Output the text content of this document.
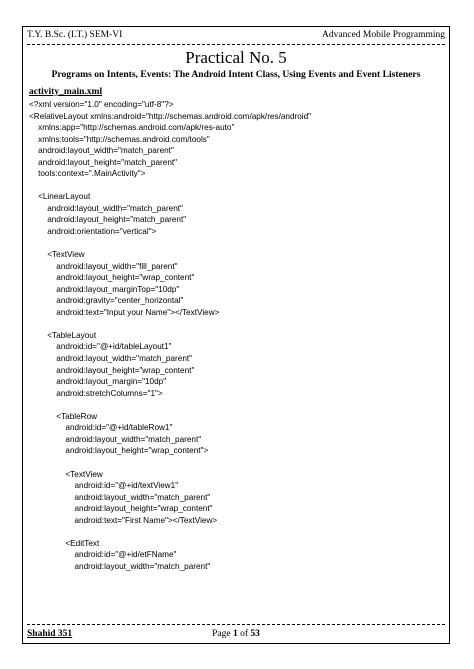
T.Y. B.Sc. (I.T.) SEM-VI	Advanced Mobile Programming
Practical No. 5
Programs on Intents, Events: The Android Intent Class, Using Events and Event Listeners
activity_main.xml
<?xml version="1.0" encoding="utf-8"?>
<RelativeLayout xmlns:android="http://schemas.android.com/apk/res/android"
xmlns:app="http://schemas.android.com/apk/res-auto"
xmlns:tools="http://schemas.android.com/tools"
android:layout_width="match_parent"
android:layout_height="match_parent"
tools:context=".MainActivity">

<LinearLayout
android:layout_width="match_parent"
android:layout_height="match_parent"
android:orientation="vertical">

<TextView
android:layout_width="fill_parent"
android:layout_height="wrap_content"
android:layout_marginTop="10dp"
android:gravity="center_horizontal"
android:text="Input your Name"></TextView>

<TableLayout
android:id="@+id/tableLayout1"
android:layout_width="match_parent"
android:layout_height="wrap_content"
android:layout_margin="10dp"
android:stretchColumns="1">

<TableRow
android:id="@+id/tableRow1"
android:layout_width="match_parent"
android:layout_height="wrap_content">

<TextView
android:id="@+id/textView1"
android:layout_width="match_parent"
android:layout_height="wrap_content"
android:text="First Name"></TextView>

<EditText
android:id="@+id/etFName"
android:layout_width="match_parent"
Shahid 351	Page 1 of 53
